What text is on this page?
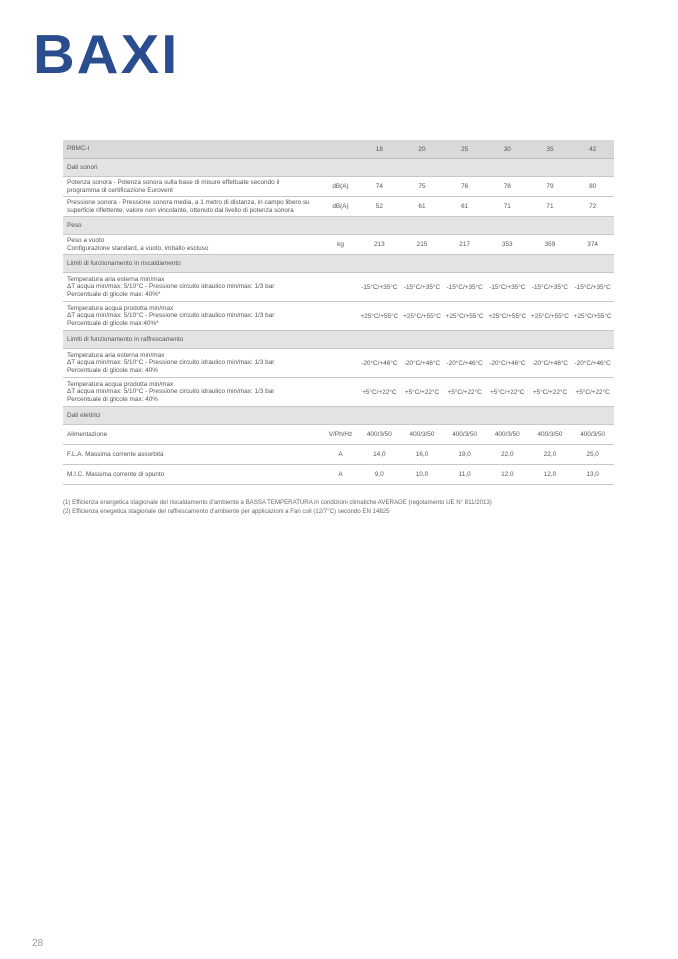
BAXI
PBMC-i		18	20	25	30	35	42
Dati sonori							

Potenza sonora - Potenza sonora sulla base di misure effettuate secondo il
programma di certificazione Eurovent	dB(A)	74	75	76	78	79	80

Pressione sonora - Pressione sonora media, a 1 metro di distanza, in campo libero su
superficie riflettente; valore non vincolante, ottenuto dal livello di potenza sonora	dB(A)	52	61	61	71	71	72
Peso							

Peso a vuoto
Configurazione standard, a vuoto, imballo escluso	kg	213	215	217	353	359	374
Limiti di funzionamento in riscaldamento							

Temperatura aria esterna min/max
ΔT acqua min/max: 5/10°C - Pressione circuito idraulico min/max: 1/3 bar
Percentuale di glicole max: 40%*		-15°C/+35°C	-15°C/+35°C	-15°C/+35°C	-15°C/+35°C	-15°C/+35°C	-15°C/+35°C

Temperatura acqua prodotta min/max
ΔT acqua min/max: 5/10°C - Pressione circuito idraulico min/max: 1/3 bar
Percentuale di glicole max:40%*		+25°C/+55°C	+25°C/+55°C	+25°C/+55°C	+25°C/+55°C	+25°C/+55°C	+25°C/+55°C
Limiti di funzionamento in raffrescamento							

Temperatura aria esterna min/max
ΔT acqua min/max: 5/10°C - Pressione circuito idraulico min/max: 1/3 bar
Percentuale di glicole max: 40%		-20°C/+46°C	-20°C/+46°C	-20°C/+46°C	-20°C/+46°C	-20°C/+46°C	-20°C/+46°C

Temperatura acqua prodotta min/max
ΔT acqua min/max: 5/10°C - Pressione circuito idraulico min/max: 1/3 bar
Percentuale di glicole max: 40%		+5°C/+22°C	+5°C/+22°C	+5°C/+22°C	+5°C/+22°C	+5°C/+22°C	+5°C/+22°C
Dati elettrici							

Alimentazione	V/Ph/Hz	400/3/50	400/3/50	400/3/50	400/3/50	400/3/50	400/3/50

F.L.A. Massima corrente assorbita	A	14,0	16,0	19,0	22,0	22,0	25,0

M.I.C. Massima corrente di spunto	A	9,0	10,0	11,0	12,0	12,0	13,0
(1) Efficienza energetica stagionale del riscaldamento d'ambiente a BASSA TEMPERATURA in condizioni climatiche AVERAGE (regolamento UE N° 811/2013)
(2) Efficienza enegetica stagionale del raffrescamento d'ambiente per applicazioni a Fan coil (12/7°C) secondo EN 14825
28
